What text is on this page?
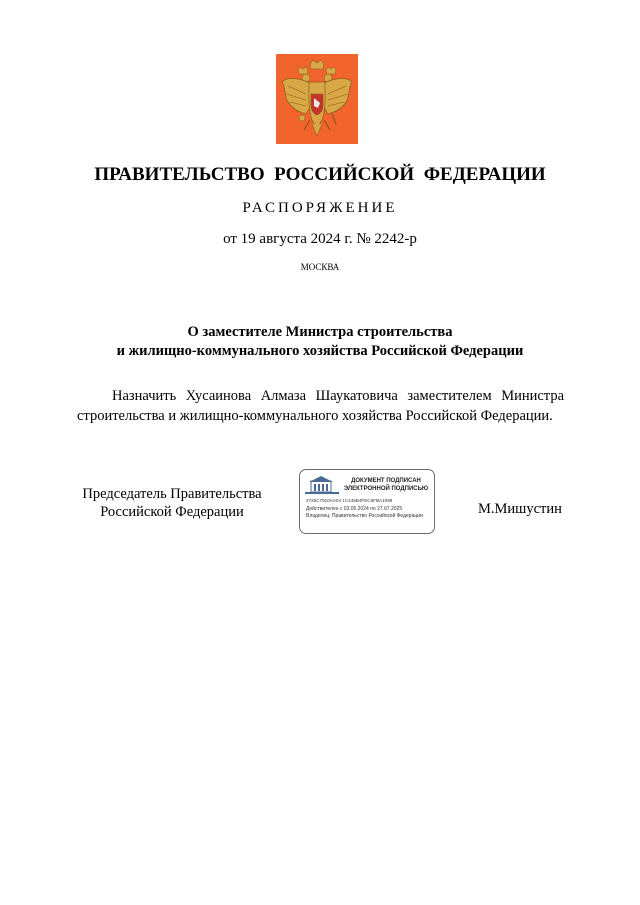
ПРАВИТЕЛЬСТВО  РОССИЙСКОЙ  ФЕДЕРАЦИИ
РАСПОРЯЖЕНИЕ
от 19 августа 2024 г. № 2242-р
МОСКВА
О заместителе Министра строительства
и жилищно-коммунального хозяйства Российской Федерации
Назначить Хусаинова Алмаза Шаукатовича заместителем Министра строительства и жилищно-коммунального хозяйства Российской Федерации.
Председатель Правительства
Российской Федерации
ДОКУМЕНТ ПОДПИСАН
ЭЛЕКТРОННОЙ ПОДПИСЬЮ
2726C7910AA04 1C145B4FEC6FBA1099
Действителен с 03.05.2024 по 27.07.2025
Владелец: Правительство Российской Федерации	М.Мишустин
